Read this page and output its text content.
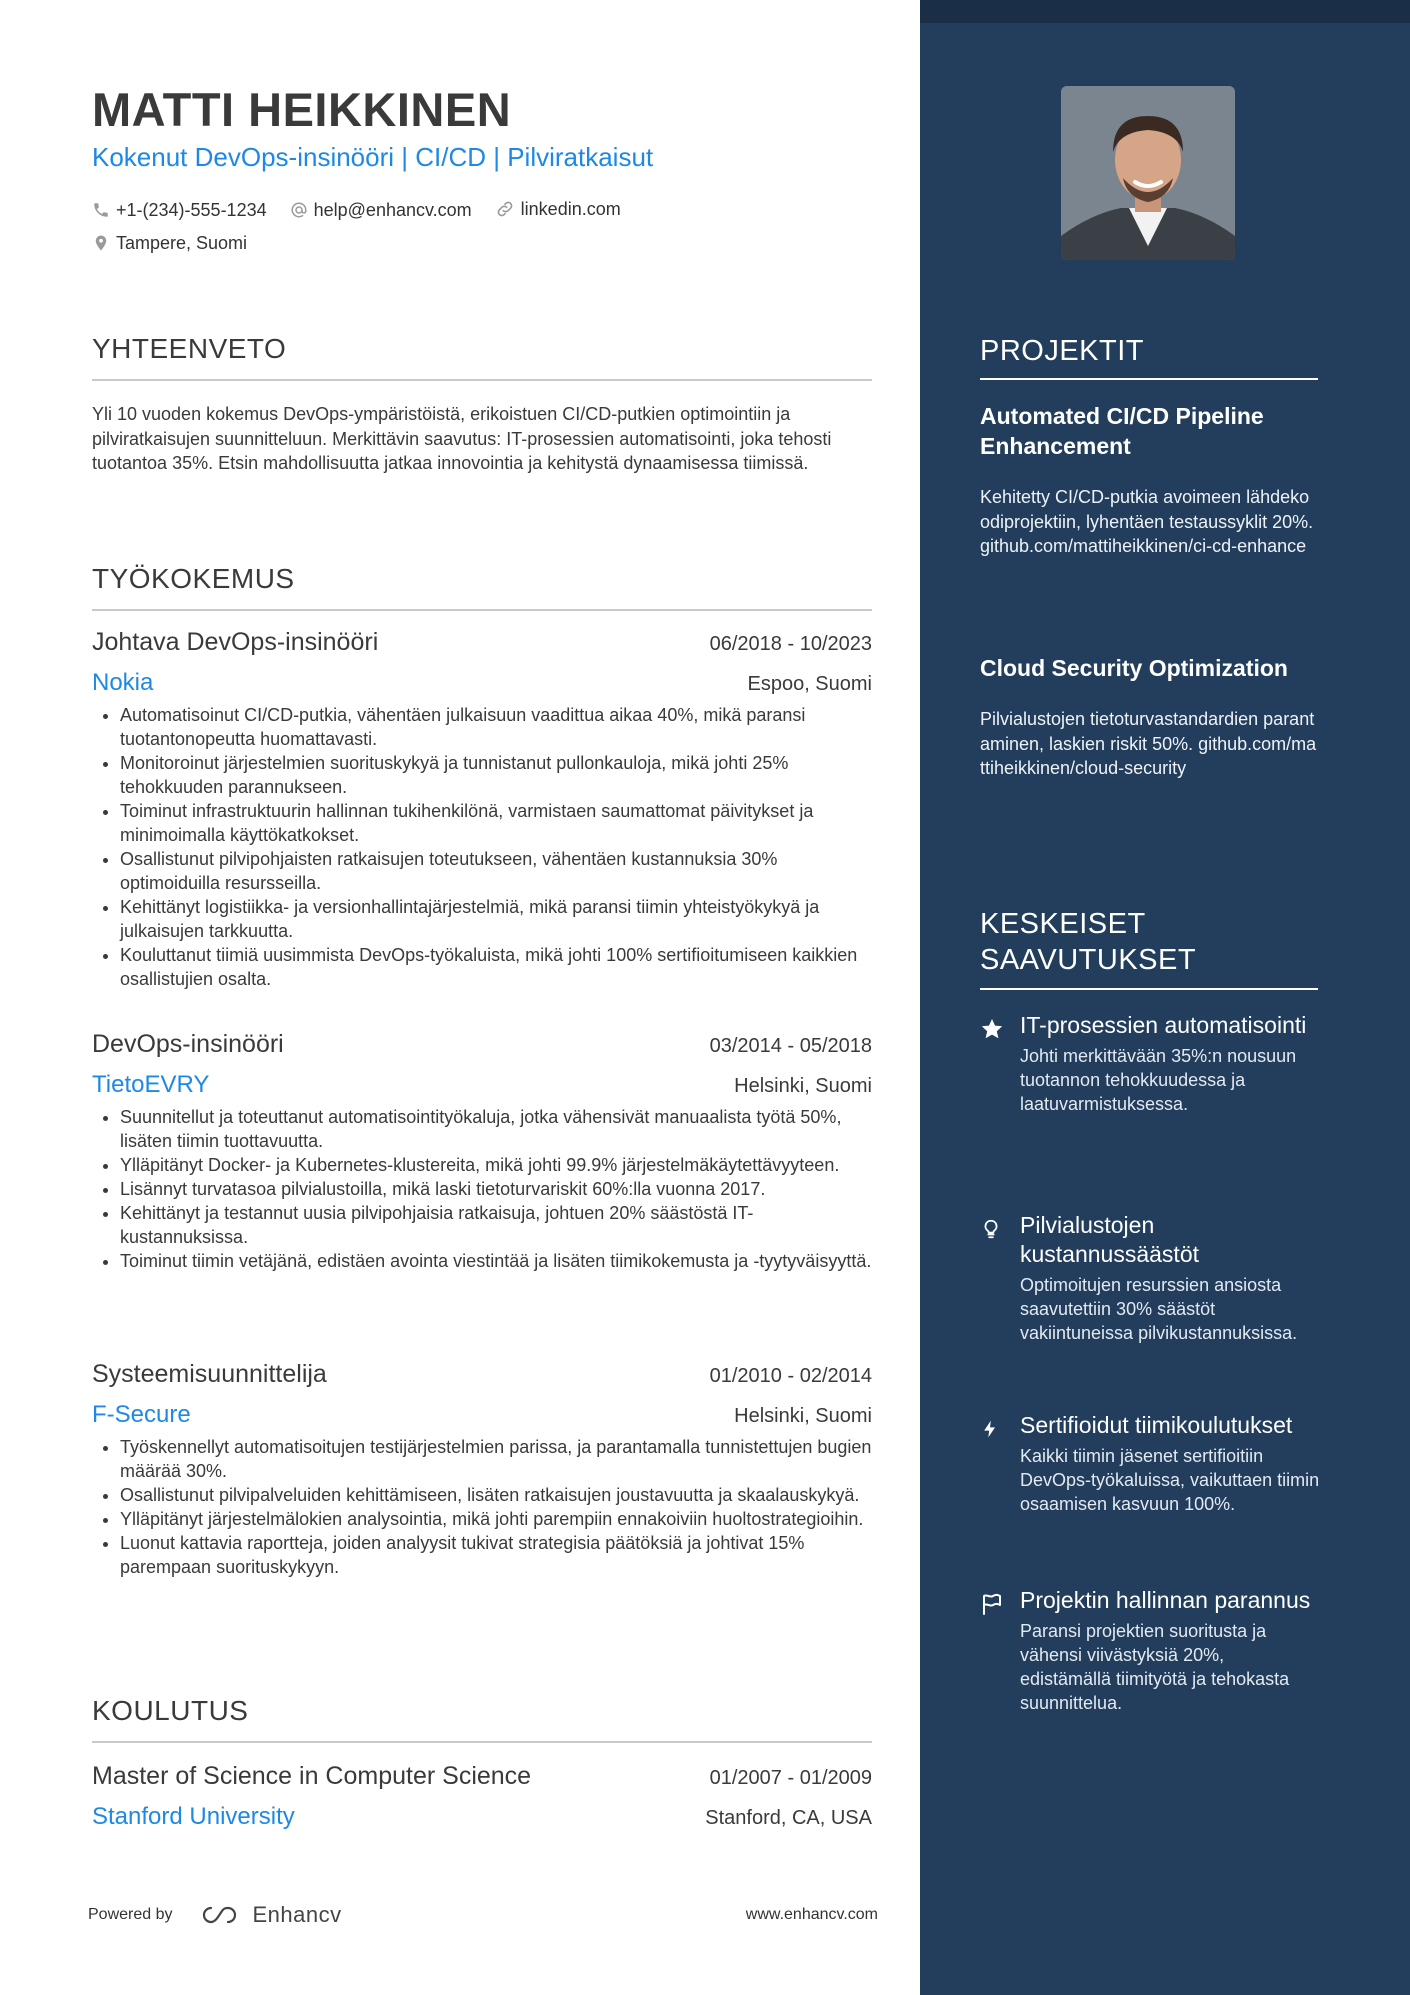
MATTI HEIKKINEN
Kokenut DevOps-insinööri | CI/CD | Pilviratkaisut
+1-(234)-555-1234
	help@enhancv.com
	linkedin.com
Tampere, Suomi
YHTEENVETO
Yli 10 vuoden kokemus DevOps-ympäristöistä, erikoistuen CI/CD-putkien optimointiin ja pilviratkaisujen suunnitteluun. Merkittävin saavutus: IT-prosessien automatisointi, joka tehosti tuotantoa 35%. Etsin mahdollisuutta jatkaa innovointia ja kehitystä dynaamisessa tiimissä.
TYÖKOKEMUS
Johtava DevOps-insinööri	06/2018 - 10/2023
Nokia	Espoo, Suomi
• Automatisoinut CI/CD-putkia, vähentäen julkaisuun vaadittua aikaa 40%, mikä paransi tuotantonopeutta huomattavasti.
• Monitoroinut järjestelmien suorituskykyä ja tunnistanut pullonkauloja, mikä johti 25% tehokkuuden parannukseen.
• Toiminut infrastruktuurin hallinnan tukihenkilönä, varmistaen saumattomat päivitykset ja minimoimalla käyttökatkokset.
• Osallistunut pilvipohjaisten ratkaisujen toteutukseen, vähentäen kustannuksia 30% optimoiduilla resursseilla.
• Kehittänyt logistiikka- ja versionhallintajärjestelmiä, mikä paransi tiimin yhteistyökykyä ja julkaisujen tarkkuutta.
• Kouluttanut tiimiä uusimmista DevOps-työkaluista, mikä johti 100% sertifioitumiseen kaikkien osallistujien osalta.
DevOps-insinööri	03/2014 - 05/2018
TietoEVRY	Helsinki, Suomi
• Suunnitellut ja toteuttanut automatisointityökaluja, jotka vähensivät manuaalista työtä 50%, lisäten tiimin tuottavuutta.
• Ylläpitänyt Docker- ja Kubernetes-klustereita, mikä johti 99.9% järjestelmäkäytettävyyteen.
• Lisännyt turvatasoa pilvialustoilla, mikä laski tietoturvariskit 60%:lla vuonna 2017.
• Kehittänyt ja testannut uusia pilvipohjaisia ratkaisuja, johtuen 20% säästöstä IT-kustannuksissa.
• Toiminut tiimin vetäjänä, edistäen avointa viestintää ja lisäten tiimikokemusta ja -tyytyväisyyttä.
Systeemisuunnittelija	01/2010 - 02/2014
F-Secure	Helsinki, Suomi
• Työskennellyt automatisoitujen testijärjestelmien parissa, ja parantamalla tunnistettujen bugien määrää 30%.
• Osallistunut pilvipalveluiden kehittämiseen, lisäten ratkaisujen joustavuutta ja skaalauskykyä.
• Ylläpitänyt järjestelmälokien analysointia, mikä johti parempiin ennakoiviin huoltostrategioihin.
• Luonut kattavia raportteja, joiden analyysit tukivat strategisia päätöksiä ja johtivat 15% parempaan suorituskykyyn.
KOULUTUS
Master of Science in Computer Science	01/2007 - 01/2009
Stanford University	Stanford, CA, USA
Powered by	Enhancv	www.enhancv.com
PROJEKTIT
Automated CI/CD Pipeline Enhancement
Kehitetty CI/CD-putkia avoimeen lähdekoodiprojektiin, lyhentäen testaussyklit 20%. github.com/mattiheikkinen/ci-cd-enhance
Cloud Security Optimization
Pilvialustojen tietoturvastandardien parantaminen, laskien riskit 50%. github.com/mattiheikkinen/cloud-security
KESKEISET
SAAVUTUKSET
IT-prosessien automatisointi
Johti merkittävään 35%:n nousuun tuotannon tehokkuudessa ja laatuvarmistuksessa.
Pilvialustojen kustannussäästöt
Optimoitujen resurssien ansiosta saavutettiin 30% säästöt vakiintuneissa pilvikustannuksissa.
Sertifioidut tiimikoulutukset
Kaikki tiimin jäsenet sertifioitiin DevOps-työkaluissa, vaikuttaen tiimin osaamisen kasvuun 100%.
Projektin hallinnan parannus
Paransi projektien suoritusta ja vähensi viivästyksiä 20%, edistämällä tiimityötä ja tehokasta suunnittelua.
